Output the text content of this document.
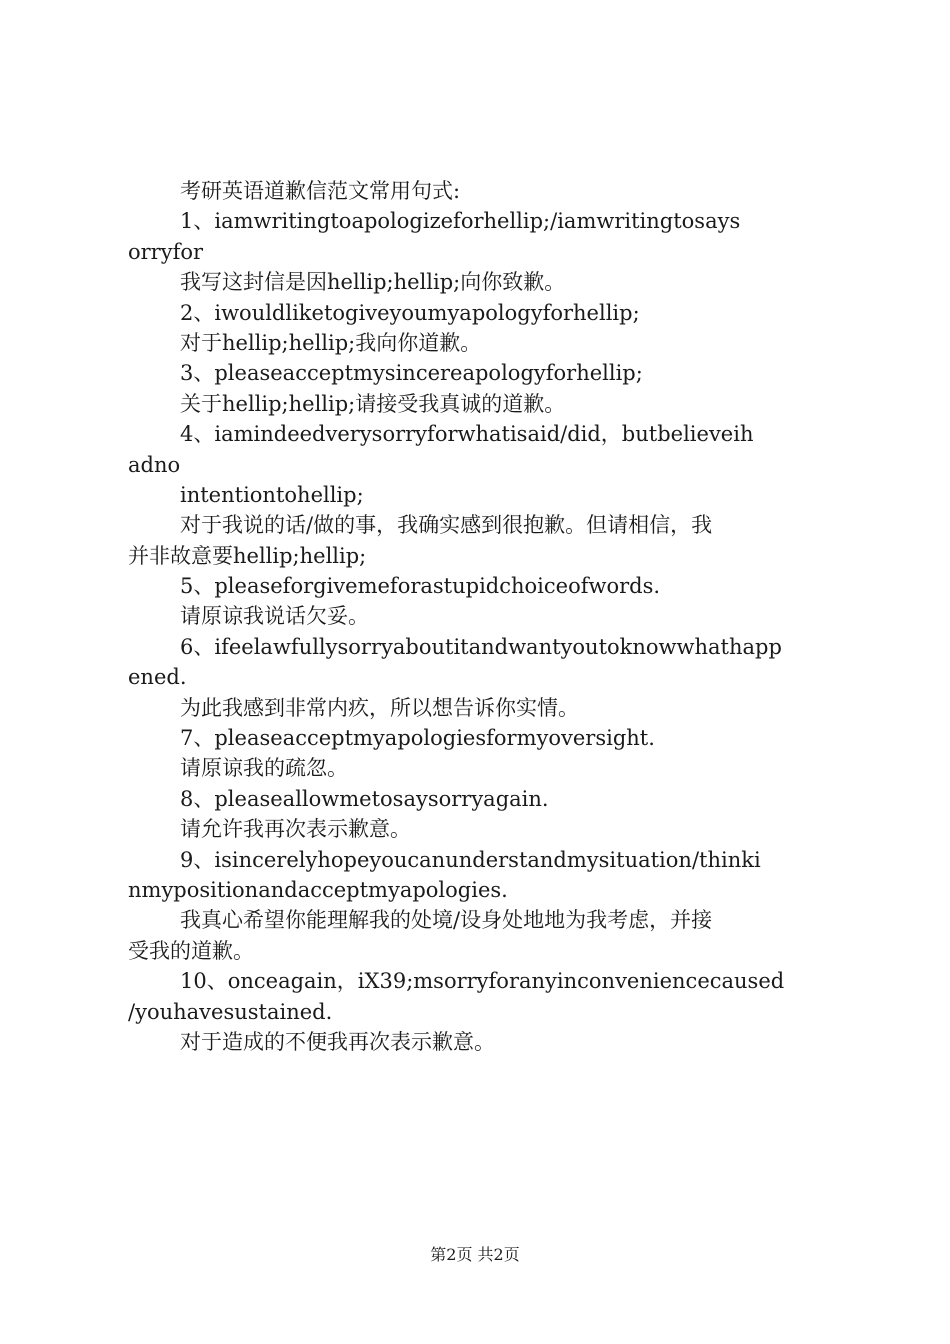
考研英语道歉信范文常用句式:
1、iamwritingtoapologizeforhellip;/iamwritingtosays
orryfor
我写这封信是因hellip;hellip;向你致歉。
2、iwouldliketogiveyoumyapologyforhellip;
对于hellip;hellip;我向你道歉。
3、pleaseacceptmysincereapologyforhellip;
关于hellip;hellip;请接受我真诚的道歉。
4、iamindeedverysorryforwhatisaid/did，butbelieveih
adno
intentiontohellip;
对于我说的话/做的事，我确实感到很抱歉。但请相信，我
并非故意要hellip;hellip;
5、pleaseforgivemeforastupidchoiceofwords.
请原谅我说话欠妥。
6、ifeelawfullysorryaboutitandwantyoutoknowwhathapp
ened.
为此我感到非常内疚，所以想告诉你实情。
7、pleaseacceptmyapologiesformyoversight.
请原谅我的疏忽。
8、pleaseallowmetosaysorryagain.
请允许我再次表示歉意。
9、isincerelyhopeyoucanunderstandmysituation/thinki
nmypositionandacceptmyapologies.
我真心希望你能理解我的处境/设身处地地为我考虑，并接
受我的道歉。
10、onceagain，iX39;msorryforanyinconveniencecaused
/youhavesustained.
对于造成的不便我再次表示歉意。
第2页 共2页
